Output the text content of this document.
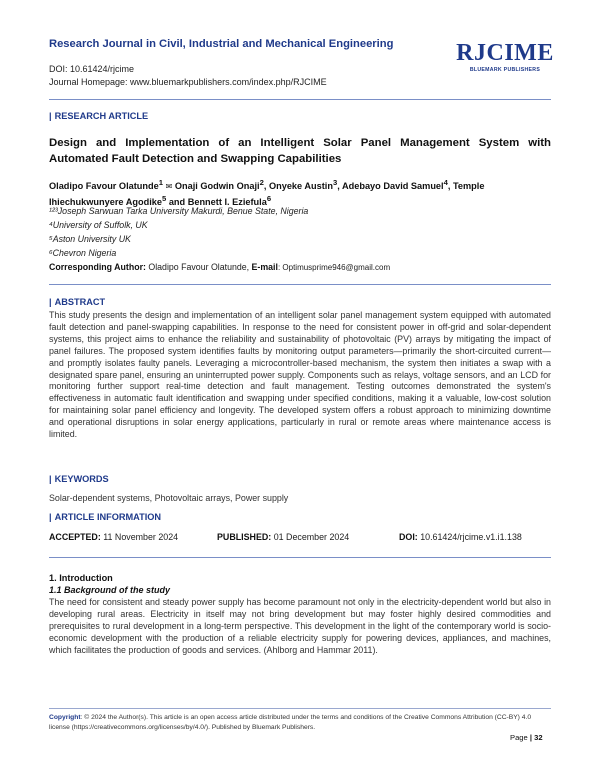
Research Journal in Civil, Industrial and Mechanical Engineering	RJCIME
BLUEMARK PUBLISHERS
DOI: 10.61424/rjcime
Journal Homepage: www.bluemarkpublishers.com/index.php/RJCIME
| RESEARCH ARTICLE
Design and Implementation of an Intelligent Solar Panel Management System with Automated Fault Detection and Swapping Capabilities
Oladipo Favour Olatunde$^1$ ✉ Onaji Godwin Onaji$^2$, Onyeke Austin$^3$, Adebayo David Samuel$^4$, Temple
Ihiechukwunyere Agodike$^5$ and Bennett I. Eziefula$^6$
¹²³Joseph Sarwuan Tarka University Makurdi, Benue State, Nigeria
⁴University of Suffolk, UK
⁵Aston University UK
⁶Chevron Nigeria
Corresponding Author: Oladipo Favour Olatunde, E-mail: Optimusprime946@gmail.com
| ABSTRACT
This study presents the design and implementation of an intelligent solar panel management system equipped with automated fault detection and panel-swapping capabilities. In response to the need for consistent power in off-grid and solar-dependent systems, this project aims to enhance the reliability and sustainability of photovoltaic (PV) arrays by mitigating the impact of panel failures. The proposed system identifies faults by monitoring output parameters—primarily the short-circuited current—and promptly isolates faulty panels. Leveraging a microcontroller-based mechanism, the system then initiates a swap with a designated spare panel, ensuring an uninterrupted power supply. Components such as relays, voltage sensors, and an LCD for monitoring further support real-time detection and fault management. Testing outcomes demonstrated the system's effectiveness in automatic fault identification and swapping under specified conditions, making it a valuable, low-cost solution for maintaining solar panel efficiency and longevity. The developed system offers a robust approach to minimizing downtime and operational disruptions in solar energy applications, particularly in rural or remote areas where maintenance access is limited.
| KEYWORDS
Solar-dependent systems, Photovoltaic arrays, Power supply
| ARTICLE INFORMATION
ACCEPTED: 11 November 2024	PUBLISHED: 01 December 2024	DOI: 10.61424/rjcime.v1.i1.138
1. Introduction
1.1 Background of the study
The need for consistent and steady power supply has become paramount not only in the electricity-dependent world but also in developing rural areas. Electricity in itself may not bring development but may foster highly desired commodities and prerequisites to rural development in a long-term perspective. This development in the light of the contemporary world is socio-economic development with the production of a reliable electricity supply for powering devices, appliances, and machines, which facilitates the production of goods and services. (Ahlborg and Hammar 2011).
Copyright: © 2024 the Author(s). This article is an open access article distributed under the terms and conditions of the Creative Commons Attribution (CC-BY) 4.0 license (https://creativecommons.org/licenses/by/4.0/). Published by Bluemark Publishers.
Page | 32
